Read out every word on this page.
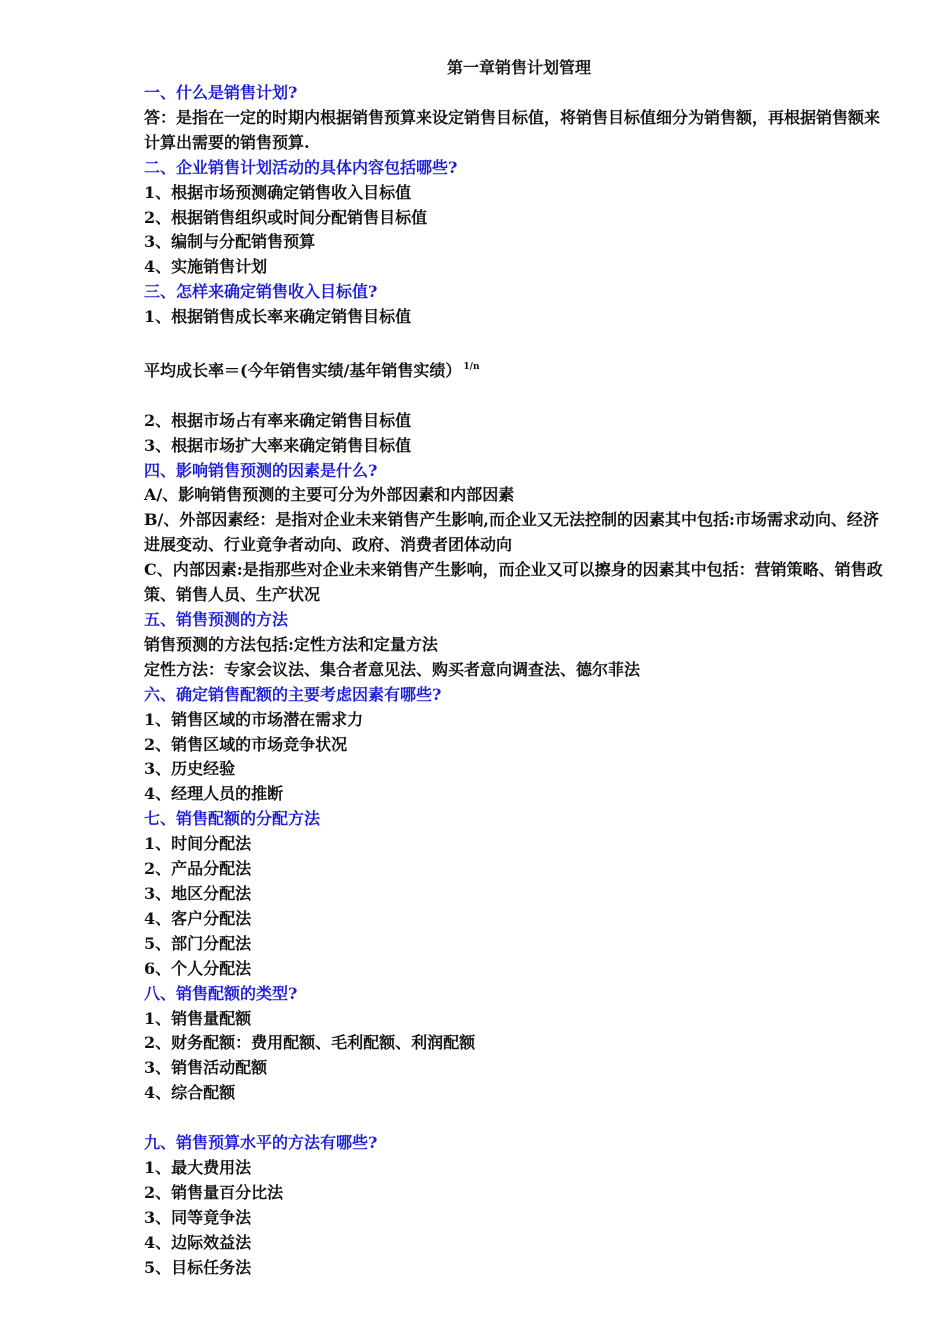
第一章销售计划管理
一、什么是销售计划?
答：是指在一定的时期内根据销售预算来设定销售目标值，将销售目标值细分为销售额，再根据销售额来计算出需要的销售预算.
二、企业销售计划活动的具体内容包括哪些?
1、根据市场预测确定销售收入目标值
2、根据销售组织或时间分配销售目标值
3、编制与分配销售预算
4、实施销售计划
三、怎样来确定销售收入目标值?
1、根据销售成长率来确定销售目标值
平均成长率＝(今年销售实绩/基年销售实绩） $^{1/n}$
2、根据市场占有率来确定销售目标值
3、根据市场扩大率来确定销售目标值
四、影响销售预测的因素是什么?
A/、影响销售预测的主要可分为外部因素和内部因素
B/、外部因素经：是指对企业未来销售产生影响,而企业又无法控制的因素其中包括:市场需求动向、经济进展变动、行业竟争者动向、政府、消费者团体动向
C、内部因素:是指那些对企业未来销售产生影响，而企业又可以擦身的因素其中包括：营销策略、销售政策、销售人员、生产状况
五、销售预测的方法
销售预测的方法包括:定性方法和定量方法
定性方法：专家会议法、集合者意见法、购买者意向调查法、德尔菲法
六、确定销售配额的主要考虑因素有哪些?
1、销售区域的市场潜在需求力
2、销售区域的市场竞争状况
3、历史经验
4、经理人员的推断
七、销售配额的分配方法
1、时间分配法
2、产品分配法
3、地区分配法
4、客户分配法
5、部门分配法
6、个人分配法
八、销售配额的类型?
1、销售量配额
2、财务配额：费用配额、毛利配额、利润配额
3、销售活动配额
4、综合配额
九、销售预算水平的方法有哪些?
1、最大费用法
2、销售量百分比法
3、同等竟争法
4、边际效益法
5、目标任务法
